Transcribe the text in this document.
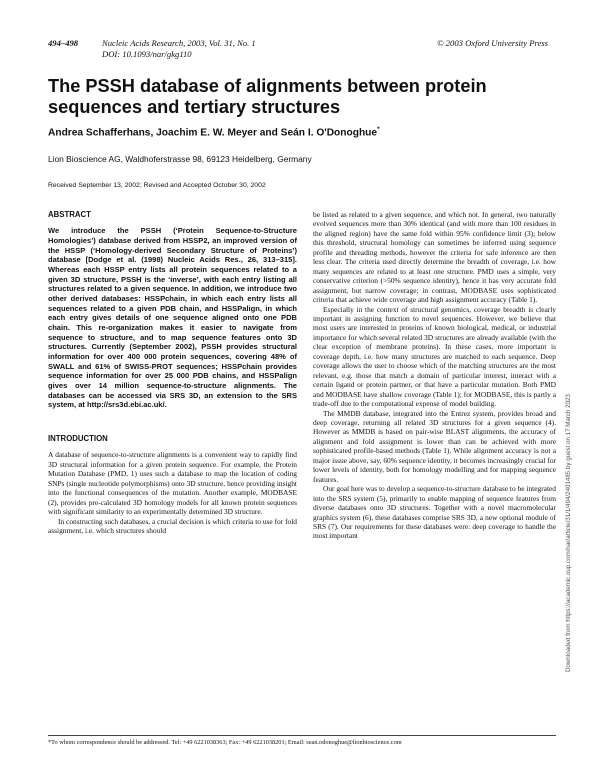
494–498	Nucleic Acids Research, 2003, Vol. 31, No. 1
DOI: 10.1093/nar/gkg110
© 2003 Oxford University Press
The PSSH database of alignments between protein sequences and tertiary structures
Andrea Schafferhans, Joachim E. W. Meyer and Seán I. O'Donoghue*
Lion Bioscience AG, Waldhoferstrasse 98, 69123 Heidelberg, Germany
Received September 13, 2002; Revised and Accepted October 30, 2002
ABSTRACT

We introduce the PSSH (‘Protein Sequence-to-Structure Homologies’) database derived from HSSP2, an improved version of the HSSP (‘Homology-derived Secondary Structure of Proteins’) database [Dodge et al. (1998) Nucleic Acids Res., 26, 313–315]. Whereas each HSSP entry lists all protein sequences related to a given 3D structure, PSSH is the ‘inverse’, with each entry listing all structures related to a given sequence. In addition, we introduce two other derived databases: HSSPchain, in which each entry lists all sequences related to a given PDB chain, and HSSPalign, in which each entry gives details of one sequence aligned onto one PDB chain. This re-organization makes it easier to navigate from sequence to structure, and to map sequence features onto 3D structures. Currently (September 2002), PSSH provides structural information for over 400 000 protein sequences, covering 48% of SWALL and 61% of SWISS-PROT sequences; HSSPchain provides sequence information for over 25 000 PDB chains, and HSSPalign gives over 14 million sequence-to-structure alignments. The databases can be accessed via SRS 3D, an extension to the SRS system, at http://srs3d.ebi.ac.uk/.

INTRODUCTION

A database of sequence-to-structure alignments is a convenient way to rapidly find 3D structural information for a given protein sequence. For example, the Protein Mutation Database (PMD, 1) uses such a database to map the location of coding SNPs (single nucleotide polymorphisms) onto 3D structure, hence providing insight into the functional consequences of the mutation. Another example, MODBASE (2), provides pre-calculated 3D homology models for all known protein sequences with significant similarity to an experimentally determined 3D structure.

In constructing such databases, a crucial decision is which criteria to use for fold assignment, i.e. which structures should

be listed as related to a given sequence, and which not. In general, two naturally evolved sequences more than 30% identical (and with more than 100 residues in the aligned region) have the same fold within 95% confidence limit (3); below this threshold, structural homology can sometimes be inferred using sequence profile and threading methods, however the criteria for safe inference are then less clear. The criteria used directly determine the breadth of coverage, i.e. how many sequences are related to at least one structure. PMD uses a simple, very conservative criterion (>50% sequence identity), hence it has very accurate fold assignment, but narrow coverage; in contrast, MODBASE uses sophisticated criteria that achieve wide coverage and high assignment accuracy (Table 1).

Especially in the context of structural genomics, coverage breadth is clearly important in assigning function to novel sequences. However, we believe that most users are interested in proteins of known biological, medical, or industrial importance for which several related 3D structures are already available (with the clear exception of membrane proteins). In these cases, more important is coverage depth, i.e. how many structures are matched to each sequence. Deep coverage allows the user to choose which of the matching structures are the most relevant, e.g. those that match a domain of particular interest, interact with a certain ligand or protein partner, or that have a particular mutation. Both PMD and MODBASE have shallow coverage (Table 1); for MODBASE, this is partly a trade-off due to the computational expense of model building.

The MMDB database, integrated into the Entrez system, provides broad and deep coverage, returning all related 3D structures for a given sequence (4). However as MMDB is based on pair-wise BLAST alignments, the accuracy of alignment and fold assignment is lower than can be achieved with more sophisticated profile-based methods (Table 1). While alignment accuracy is not a major issue above, say, 60% sequence identity, it becomes increasingly crucial for lower levels of identity, both for homology modelling and for mapping sequence features.

Our goal here was to develop a sequence-to-structure database to be integrated into the SRS system (5), primarily to enable mapping of sequence features from diverse databases onto 3D structures. Together with a novel macromolecular graphics system (6), these databases comprise SRS 3D, a new optional module of SRS (7). Our requirements for these databases were: deep coverage to handle the most important

*To whom correspondence should be addressed. Tel: +49 6221038363; Fax: +49 6221038201; Email: sean.odonoghue@lionbioscience.com
Downloaded from https://academic.oup.com/nar/article/31/1/494/2401485 by guest on 17 March 2023
